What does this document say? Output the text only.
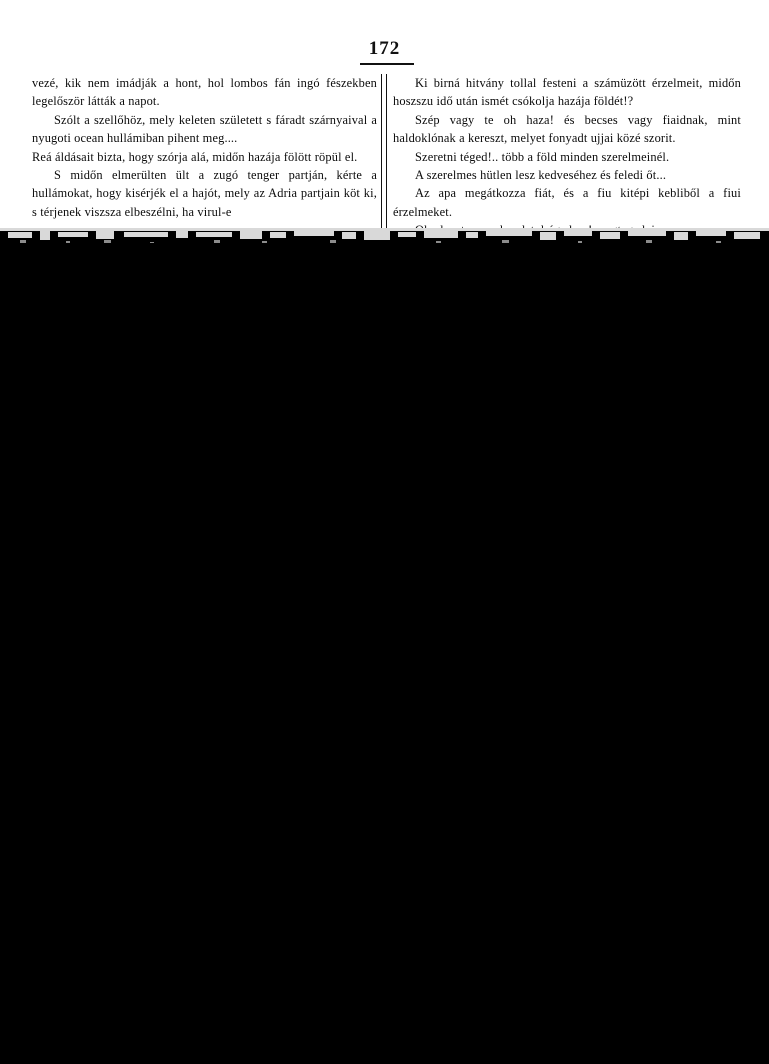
172

vezé, kik nem imádják a hont, hol lombos fán ingó fészekben legelőször látták a napot.

Szólt a szellőhöz, mely keleten született s fáradt szárnyaival a nyugoti ocean hullámiban pihent meg....

Reá áldásait bizta, hogy szórja alá, midőn hazája fölött röpül el.

S midőn elmerülten ült a zugó tenger partján, kérte a hullámokat, hogy kisérjék el a hajót, mely az Adria partjain köt ki, s térjenek viszsza elbeszélni, ha virul-e

Ki birná hitvány tollal festeni a számüzött érzelmeit, midőn hoszszu idő után ismét csókolja hazája földét!?

Szép vagy te oh haza! és becses vagy fiaidnak, mint haldoklónak a kereszt, melyet fonyadt ujjai közé szorit.

Szeretni téged!.. több a föld minden szerelmeinél.

A szerelmes hütlen lesz kedveséhez és feledi őt...

Az apa megátkozza fiát, és a fiu kitépi kebliből a fiui érzelmeket.
